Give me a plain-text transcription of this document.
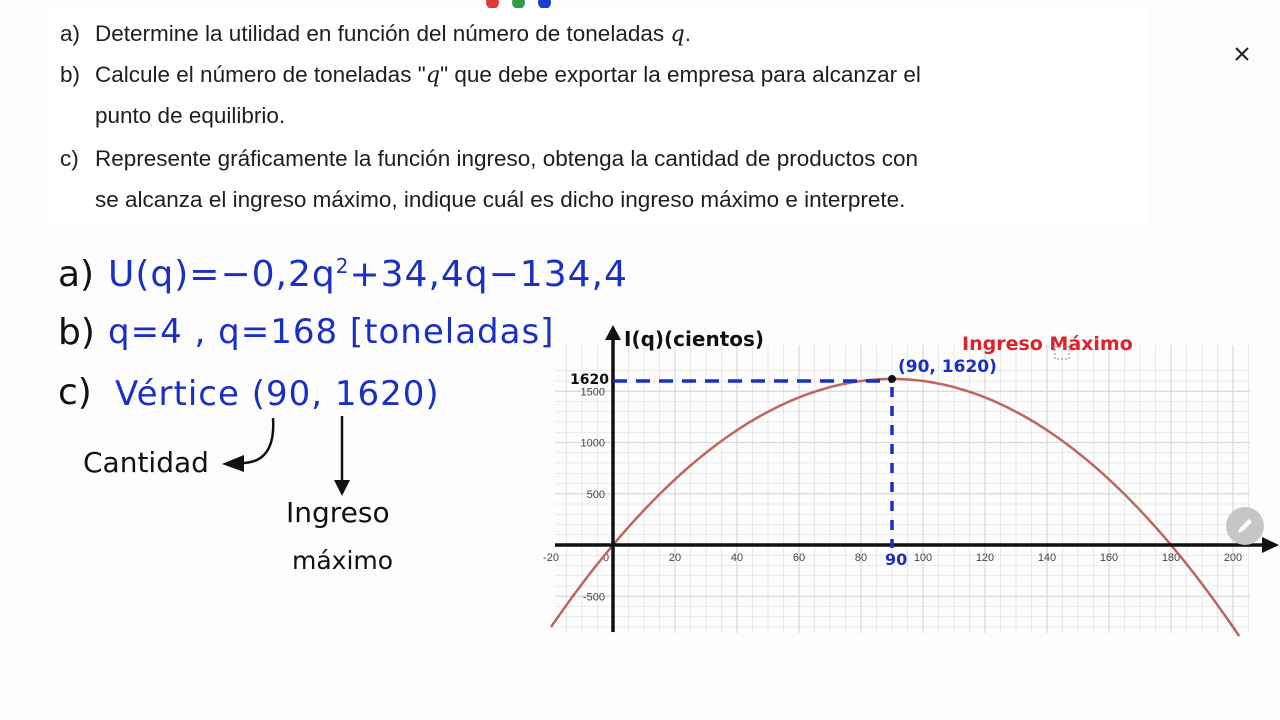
a) Determine la utilidad en función del número de toneladas q.
b) Calcule el número de toneladas "q" que debe exportar la empresa para alcanzar el
punto de equilibrio.
c) Represente gráficamente la función ingreso, obtenga la cantidad de productos con
se alcanza el ingreso máximo, indique cuál es dicho ingreso máximo e interprete.
a) $U(q)=-0,2q^2+34,4q-134,4$
b) q=4 , q=168 [toneladas]
c) Vértice (90, 1620)
Cantidad
Ingreso
máximo	-20	0	20	40	60	80	100	120	140	160	180	200
-500
500
1000
1500
I(q)(cientos)	Ingreso Máximo
(90, 1620)
1620
90
